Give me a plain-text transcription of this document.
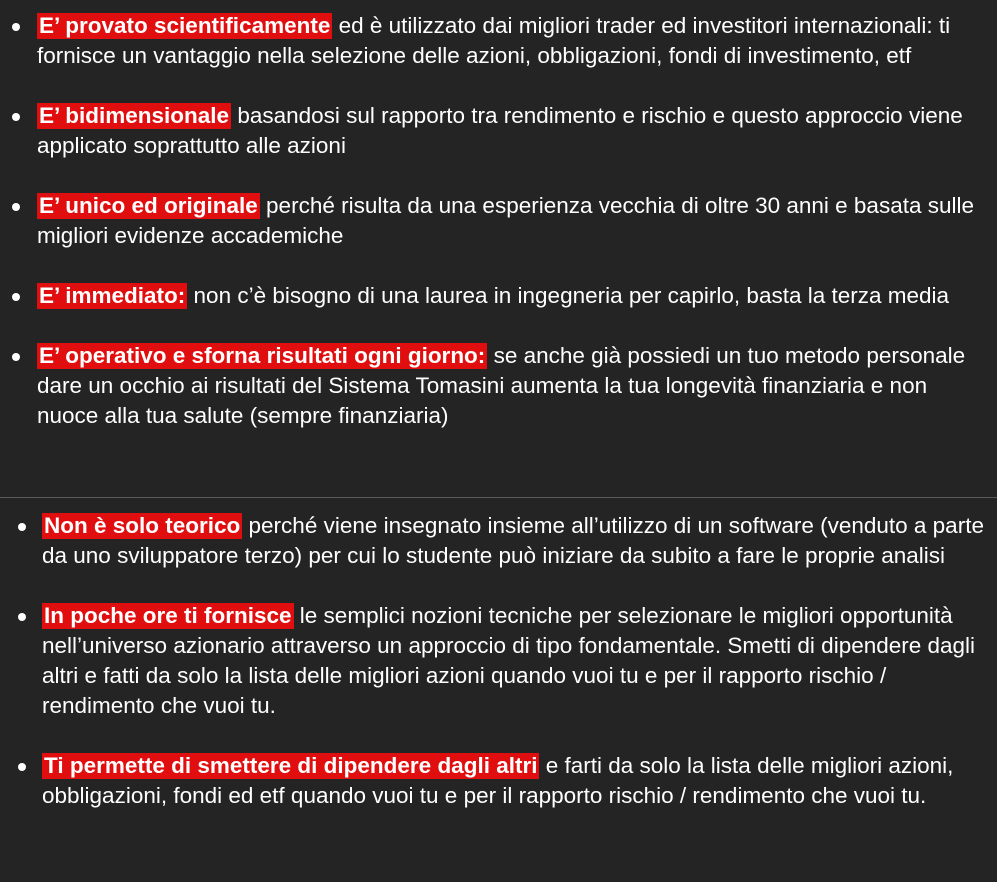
E’ provato scientificamente ed è utilizzato dai migliori trader ed investitori internazionali: ti fornisce un vantaggio nella selezione delle azioni, obbligazioni, fondi di investimento, etf
E’ bidimensionale basandosi sul rapporto tra rendimento e rischio e questo approccio viene applicato soprattutto alle azioni
E’ unico ed originale perché risulta da una esperienza vecchia di oltre 30 anni e basata sulle migliori evidenze accademiche
E’ immediato: non c’è bisogno di una laurea in ingegneria per capirlo, basta la terza media
E’ operativo e sforna risultati ogni giorno: se anche già possiedi un tuo metodo personale dare un occhio ai risultati del Sistema Tomasini aumenta la tua longevità finanziaria e non nuoce alla tua salute (sempre finanziaria)
Non è solo teorico perché viene insegnato insieme all’utilizzo di un software (venduto a parte da uno sviluppatore terzo) per cui lo studente può iniziare da subito a fare le proprie analisi
In poche ore ti fornisce le semplici nozioni tecniche per selezionare le migliori opportunità nell’universo azionario attraverso un approccio di tipo fondamentale. Smetti di dipendere dagli altri e fatti da solo la lista delle migliori azioni quando vuoi tu e per il rapporto rischio / rendimento che vuoi tu.
Ti permette di smettere di dipendere dagli altri e farti da solo la lista delle migliori azioni, obbligazioni, fondi ed etf quando vuoi tu e per il rapporto rischio / rendimento che vuoi tu.
